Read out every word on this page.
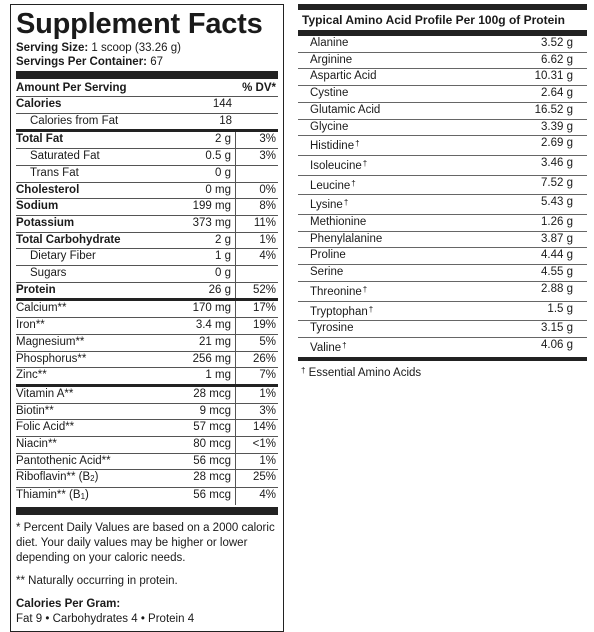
Supplement Facts
Serving Size: 1 scoop (33.26 g)
Servings Per Container: 67
Amount Per Serving	% DV*
Calories	144
Calories from Fat	18
Total Fat	2 g	3%
Saturated Fat	0.5 g	3%
Trans Fat	0 g
Cholesterol	0 mg	0%
Sodium	199 mg	8%
Potassium	373 mg	11%
Total Carbohydrate	2 g	1%
Dietary Fiber	1 g	4%
Sugars	0 g
Protein	26 g	52%
Calcium**	170 mg	17%
Iron**	3.4 mg	19%
Magnesium**	21 mg	5%
Phosphorus**	256 mg	26%
Zinc**	1 mg	7%
Vitamin A**	28 mcg	1%
Biotin**	9 mcg	3%
Folic Acid**	57 mcg	14%
Niacin**	80 mcg	<1%
Pantothenic Acid**	56 mcg	1%
Riboflavin** $(B_2)$	28 mcg	25%
Thiamin** $(B_1)$	56 mcg	4%
* Percent Daily Values are based on a 2000 caloric diet. Your daily values may be higher or lower depending on your caloric needs.
** Naturally occurring in protein.
Calories Per Gram:
Fat 9 • Carbohydrates 4 • Protein 4
Typical Amino Acid Profile Per 100g of Protein
Alanine	3.52 g
Arginine	6.62 g
Aspartic Acid	10.31 g
Cystine	2.64 g
Glutamic Acid	16.52 g
Glycine	3.39 g
Histidine†	2.69 g
Isoleucine†	3.46 g
Leucine†	7.52 g
Lysine†	5.43 g
Methionine	1.26 g
Phenylalanine	3.87 g
Proline	4.44 g
Serine	4.55 g
Threonine†	2.88 g
Tryptophan†	1.5 g
Tyrosine	3.15 g
Valine†	4.06 g
† Essential Amino Acids
